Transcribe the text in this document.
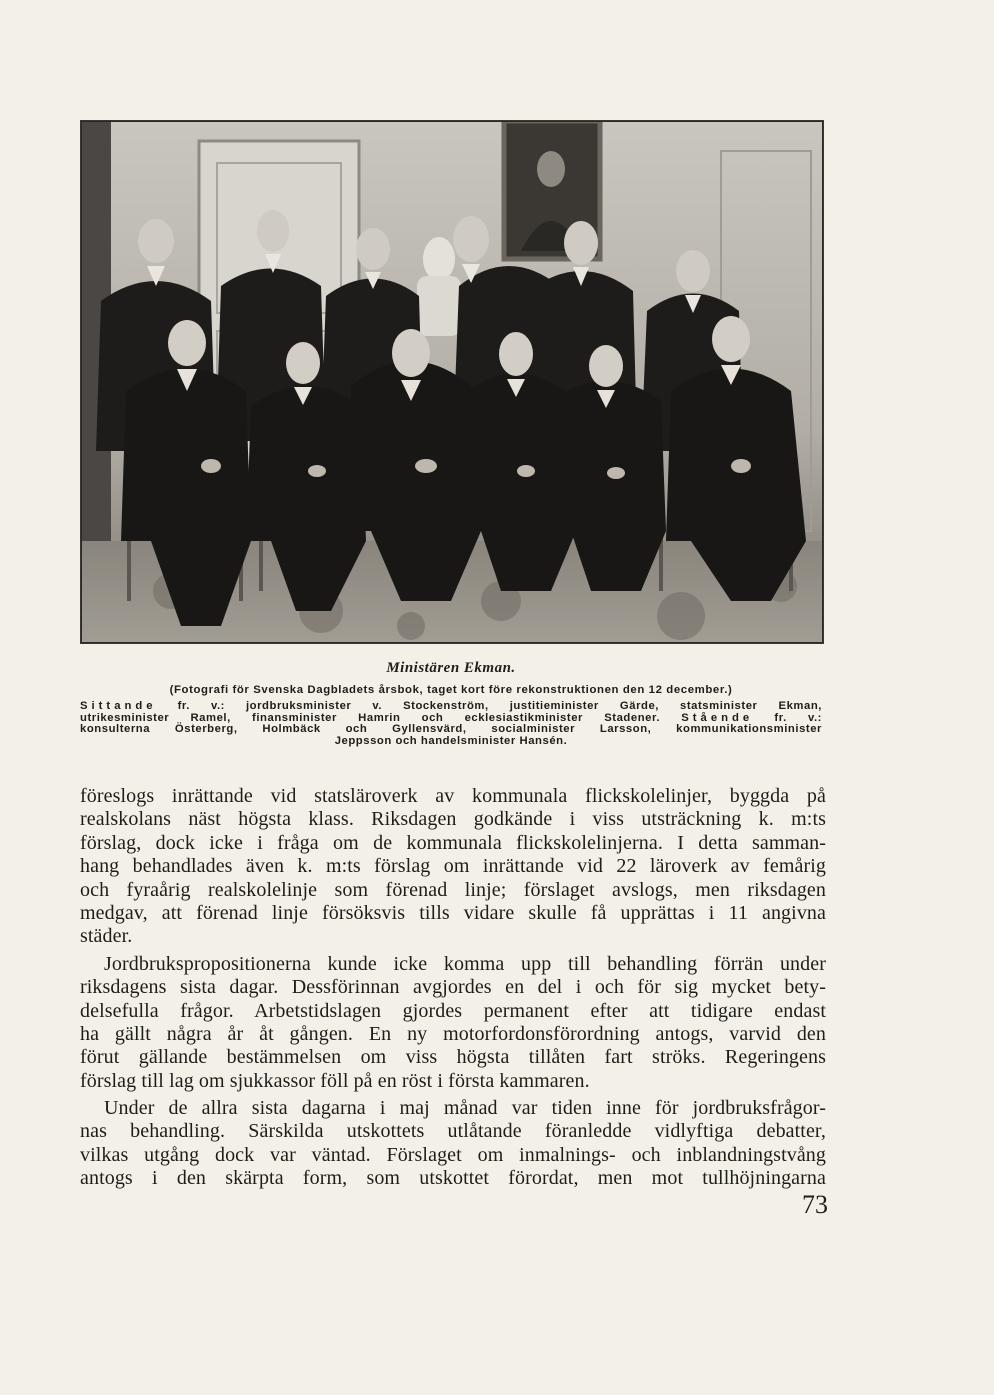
Ministären Ekman.
(Fotografi för Svenska Dagbladets årsbok, taget kort före rekonstruktionen den 12 december.)
Sittande fr. v.: jordbruksminister v. Stockenström, justitieminister Gärde, statsminister Ekman,
utrikesminister Ramel, finansminister Hamrin och ecklesiastikminister Stadener. Stående fr. v.:
konsulterna Österberg, Holmbäck och Gyllensvärd, socialminister Larsson, kommunikationsminister
Jeppsson och handelsminister Hansén.
föreslogs inrättande vid statsläroverk av kommunala flickskolelinjer, byggda på
realskolans näst högsta klass. Riksdagen godkände i viss utsträckning k. m:ts
förslag, dock icke i fråga om de kommunala flickskolelinjerna. I detta samman-
hang behandlades även k. m:ts förslag om inrättande vid 22 läroverk av femårig
och fyraårig realskolelinje som förenad linje; förslaget avslogs, men riksdagen
medgav, att förenad linje försöksvis tills vidare skulle få upprättas i 11 angivna
städer.
Jordbrukspropositionerna kunde icke komma upp till behandling förrän under
riksdagens sista dagar. Dessförinnan avgjordes en del i och för sig mycket bety-
delsefulla frågor. Arbetstidslagen gjordes permanent efter att tidigare endast
ha gällt några år åt gången. En ny motorfordonsförordning antogs, varvid den
förut gällande bestämmelsen om viss högsta tillåten fart ströks. Regeringens
förslag till lag om sjukkassor föll på en röst i första kammaren.
Under de allra sista dagarna i maj månad var tiden inne för jordbruksfrågor-
nas behandling. Särskilda utskottets utlåtande föranledde vidlyftiga debatter,
vilkas utgång dock var väntad. Förslaget om inmalnings- och inblandningstvång
antogs i den skärpta form, som utskottet förordat, men mot tullhöjningarna
73
